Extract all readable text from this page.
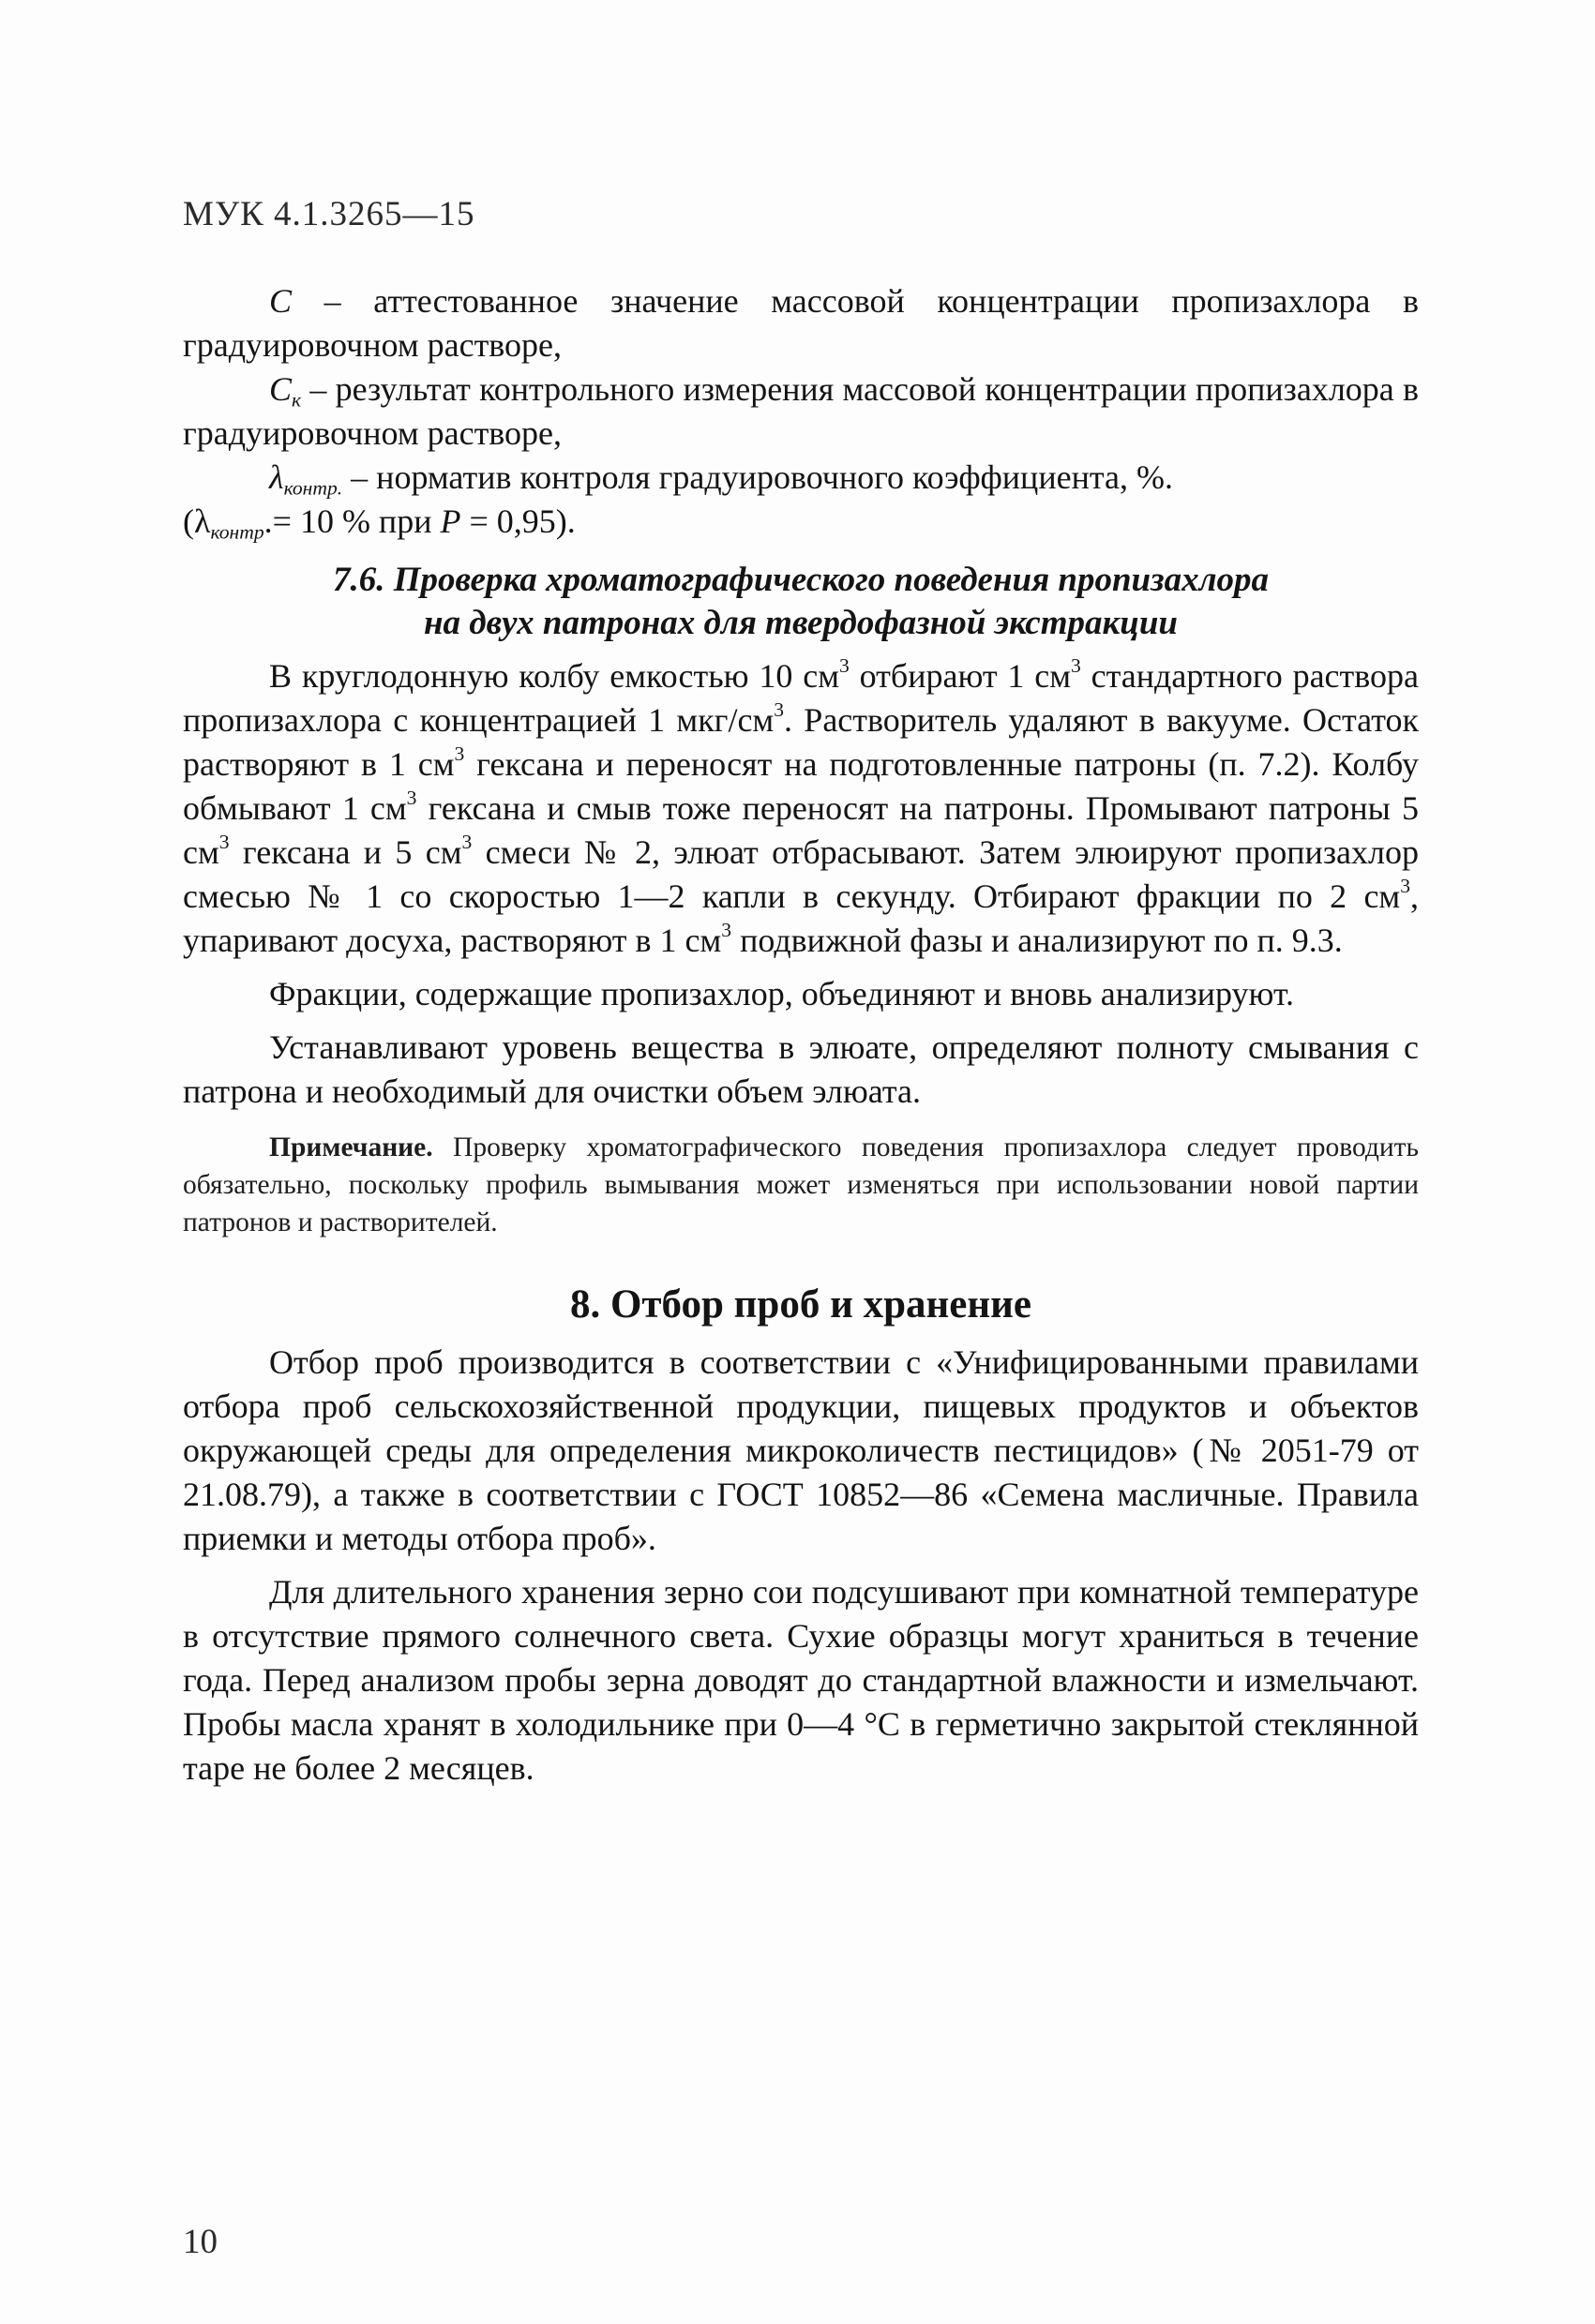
МУК 4.1.3265—15

C – аттестованное значение массовой концентрации пропизахлора в градуировочном растворе,

$C_к$ – результат контрольного измерения массовой концентрации пропизахлора в градуировочном растворе,

$\lambda_{контр.}$ – норматив контроля градуировочного коэффициента, %.
($\lambda_{контр}.= 10$ % при P = 0,95).

7.6. Проверка хроматографического поведения пропизахлора
на двух патронах для твердофазной экстракции

В круглодонную колбу емкостью 10 $см^3$ отбирают 1 $см^3$ стандартного раствора пропизахлора с концентрацией 1 мкг/$см^3$. Растворитель удаляют в вакууме. Остаток растворяют в 1 $см^3$ гексана и переносят на подготовленные патроны (п. 7.2). Колбу обмывают 1 $см^3$ гексана и смыв тоже переносят на патроны. Промывают патроны 5 $см^3$ гексана и 5 $см^3$ смеси № 2, элюат отбрасывают. Затем элюируют пропизахлор смесью № 1 со скоростью 1—2 капли в секунду. Отбирают фракции по 2 $см^3$, упаривают досуха, растворяют в 1 $см^3$ подвижной фазы и анализируют по п. 9.3.

Фракции, содержащие пропизахлор, объединяют и вновь анализируют.

Устанавливают уровень вещества в элюате, определяют полноту смывания с патрона и необходимый для очистки объем элюата.

Примечание. Проверку хроматографического поведения пропизахлора следует проводить обязательно, поскольку профиль вымывания может изменяться при использовании новой партии патронов и растворителей.

8. Отбор проб и хранение

Отбор проб производится в соответствии с «Унифицированными правилами отбора проб сельскохозяйственной продукции, пищевых продуктов и объектов окружающей среды для определения микроколичеств пестицидов» (№ 2051-79 от 21.08.79), а также в соответствии с ГОСТ 10852—86 «Семена масличные. Правила приемки и методы отбора проб».

Для длительного хранения зерно сои подсушивают при комнатной температуре в отсутствие прямого солнечного света. Сухие образцы могут храниться в течение года. Перед анализом пробы зерна доводят до стандартной влажности и измельчают. Пробы масла хранят в холодильнике при 0—4 °С в герметично закрытой стеклянной таре не более 2 месяцев.

10
